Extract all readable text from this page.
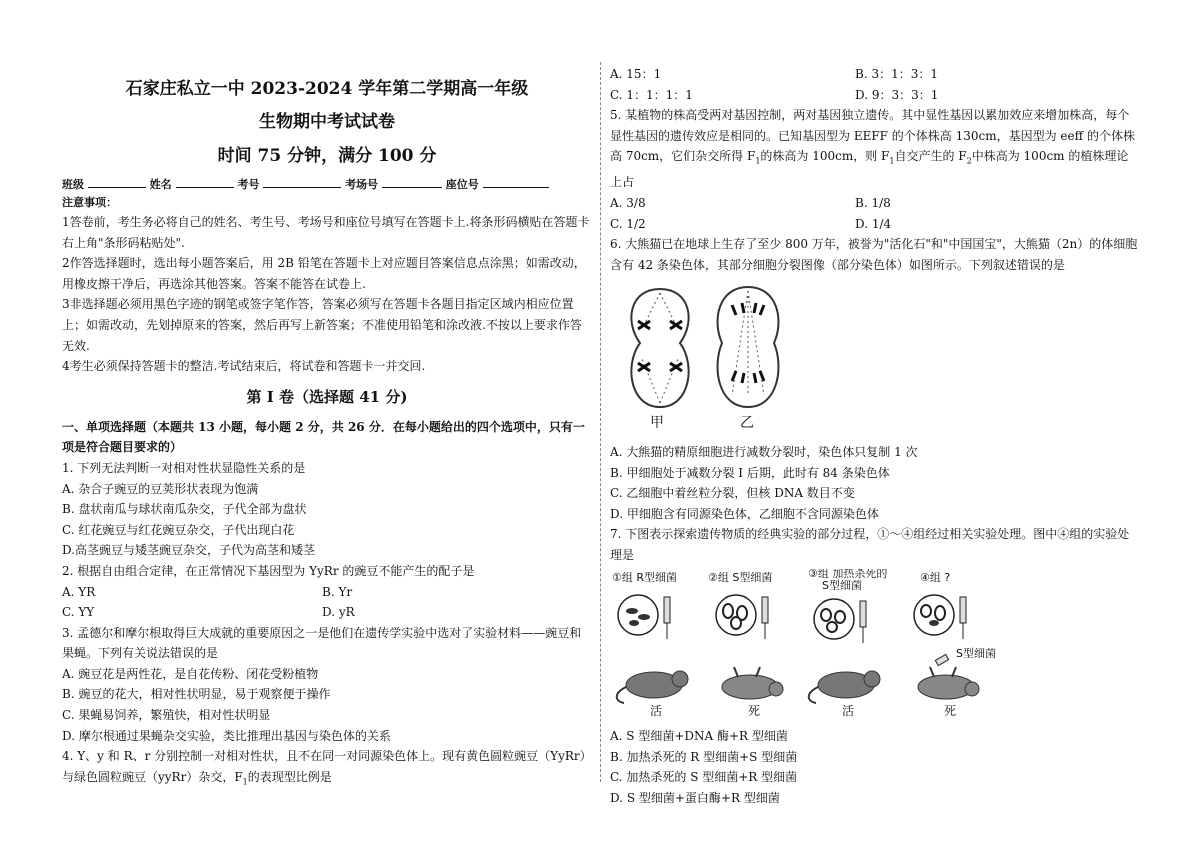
石家庄私立一中 2023-2024 学年第二学期高一年级
生物期中考试试卷
时间 75 分钟，满分 100 分
班级	姓名	考号	考场号	座位号
注意事项：

1答卷前，考生务必将自己的姓名、考生号、考场号和座位号填写在答题卡上.将条形码横贴在答题卡右上角"条形码粘贴处".

2作答选择题时，选出每小题答案后，用 2B 铅笔在答题卡上对应题目答案信息点涂黑；如需改动，用橡皮擦干净后，再选涂其他答案。答案不能答在试卷上.

3非选择题必须用黑色字迹的钢笔或签字笔作答，答案必须写在答题卡各题目指定区域内相应位置上；如需改动，先划掉原来的答案，然后再写上新答案；不准使用铅笔和涂改液.不按以上要求作答无效.

4考生必须保持答题卡的整洁.考试结束后，将试卷和答题卡一并交回.

第 I 卷（选择题 41 分)

一、单项选择题（本题共 13 小题，每小题 2 分，共 26 分．在每小题给出的四个选项中，只有一项是符合题目要求的）

1. 下列无法判断一对相对性状显隐性关系的是

A. 杂合子豌豆的豆荚形状表现为饱满

B. 盘状南瓜与球状南瓜杂交，子代全部为盘状

C. 红花豌豆与红花豌豆杂交，子代出现白花

D.高茎豌豆与矮茎豌豆杂交，子代为高茎和矮茎

2. 根据自由组合定律，在正常情况下基因型为 YyRr 的豌豆不能产生的配子是

A. YR	B. Yr
C. YY	D. yR

3. 孟德尔和摩尔根取得巨大成就的重要原因之一是他们在遗传学实验中选对了实验材料——豌豆和果蝇。下列有关说法错误的是

A. 豌豆花是两性花，是自花传粉、闭花受粉植物

B. 豌豆的花大，相对性状明显，易于观察便于操作

C. 果蝇易饲养，繁殖快，相对性状明显

D. 摩尔根通过果蝇杂交实验，类比推理出基因与染色体的关系

4. Y、y 和 R、r 分别控制一对相对性状，且不在同一对同源染色体上。现有黄色圆粒豌豆（YyRr）与绿色圆粒豌豆（yyRr）杂交，$F_1$的表现型比例是

A. 15：1	B. 3：1：3：1
C. 1：1：1：1	D. 9：3：3：1

5. 某植物的株高受两对基因控制，两对基因独立遗传。其中显性基因以累加效应来增加株高，每个显性基因的遗传效应是相同的。已知基因型为 EEFF 的个体株高 130cm，基因型为 eeff 的个体株高 70cm，它们杂交所得 $F_1$的株高为 100cm，则 $F_1$自交产生的 $F_2$中株高为 100cm 的植株理论上占

A. 3/8	B. 1/8
C. 1/2	D. 1/4

6. 大熊猫已在地球上生存了至少 800 万年，被誉为"活化石"和"中国国宝"，大熊猫（2n）的体细胞含有 42 条染色体，其部分细胞分裂图像（部分染色体）如图所示。下列叙述错误的是

甲	乙

A. 大熊猫的精原细胞进行减数分裂时，染色体只复制 1 次

B. 甲细胞处于减数分裂 I 后期，此时有 84 条染色体

C. 乙细胞中着丝粒分裂，但核 DNA 数目不变

D. 甲细胞含有同源染色体，乙细胞不含同源染色体

7. 下图表示探索遗传物质的经典实验的部分过程，①～④组经过相关实验处理。图中④组的实验处理是

①组 R型细菌	②组 S型细菌	③组 加热杀死的
S型细菌
④组 ?
S型细菌
活	死	活	死

A. S 型细菌+DNA 酶+R 型细菌

B. 加热杀死的 R 型细菌+S 型细菌

C. 加热杀死的 S 型细菌+R 型细菌

D. S 型细菌+蛋白酶+R 型细菌
